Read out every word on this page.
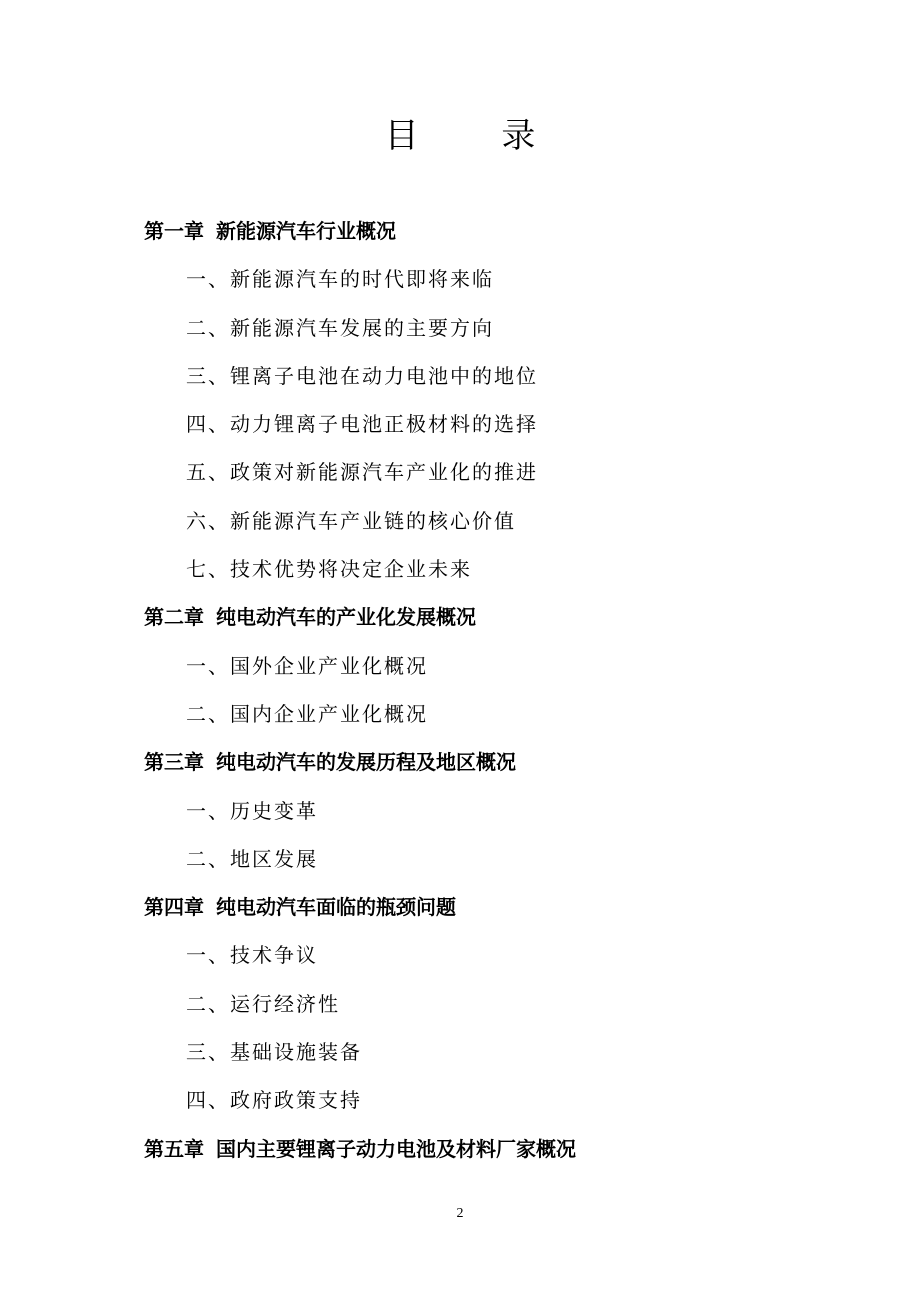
目 录
第一章 新能源汽车行业概况
一、新能源汽车的时代即将来临
二、新能源汽车发展的主要方向
三、锂离子电池在动力电池中的地位
四、动力锂离子电池正极材料的选择
五、政策对新能源汽车产业化的推进
六、新能源汽车产业链的核心价值
七、技术优势将决定企业未来
第二章 纯电动汽车的产业化发展概况
一、国外企业产业化概况
二、国内企业产业化概况
第三章 纯电动汽车的发展历程及地区概况
一、历史变革
二、地区发展
第四章 纯电动汽车面临的瓶颈问题
一、技术争议
二、运行经济性
三、基础设施装备
四、政府政策支持
第五章 国内主要锂离子动力电池及材料厂家概况
2
